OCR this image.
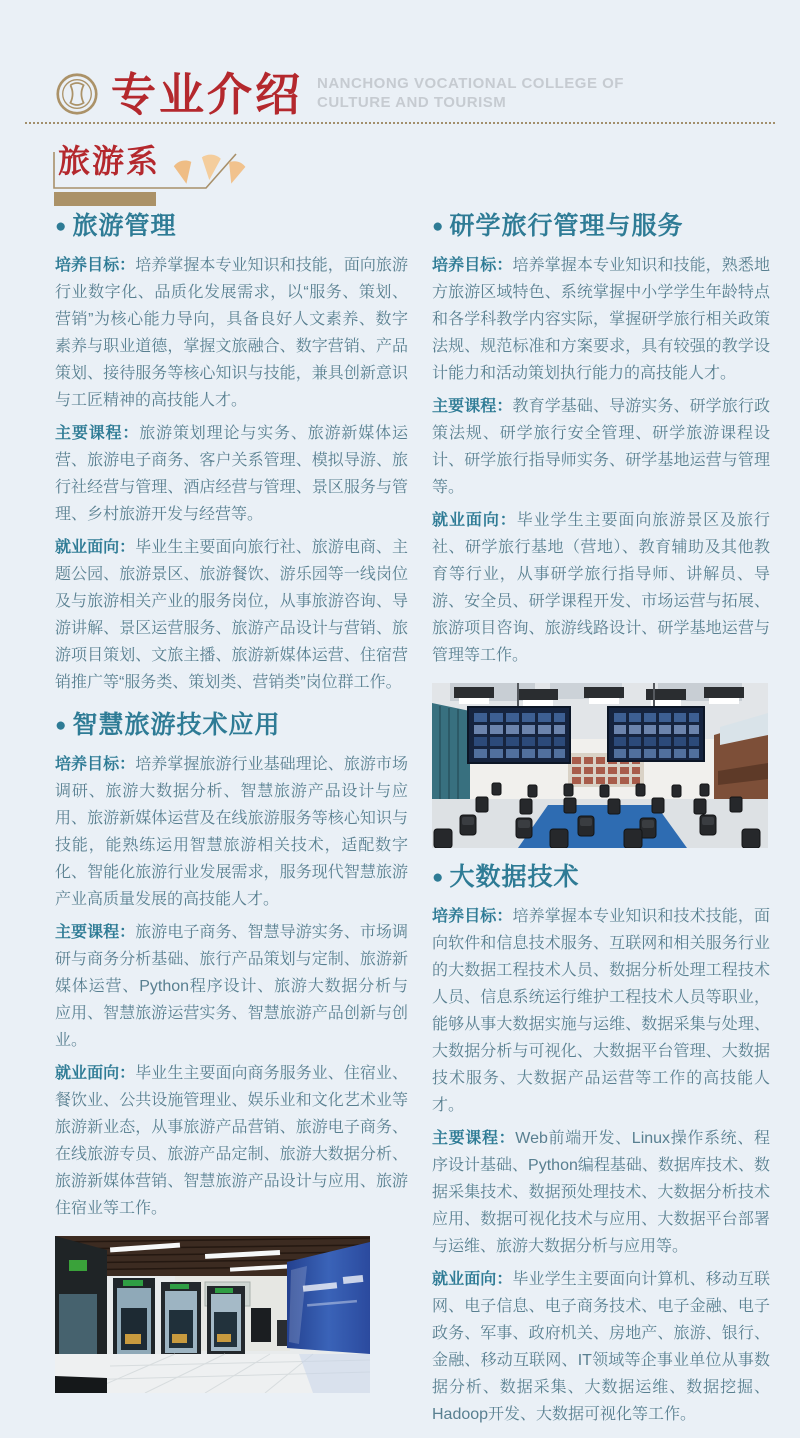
专业介绍 NANCHONG VOCATIONAL COLLEGE OF
CULTURE AND TOURISM
旅游系
● 旅游管理

培养目标：培养掌握本专业知识和技能，面向旅游行业数字化、品质化发展需求，以“服务、策划、营销”为核心能力导向，具备良好人文素养、数字素养与职业道德，掌握文旅融合、数字营销、产品策划、接待服务等核心知识与技能，兼具创新意识与工匠精神的高技能人才。

主要课程：旅游策划理论与实务、旅游新媒体运营、旅游电子商务、客户关系管理、模拟导游、旅行社经营与管理、酒店经营与管理、景区服务与管理、乡村旅游开发与经营等。

就业面向：毕业生主要面向旅行社、旅游电商、主题公园、旅游景区、旅游餐饮、游乐园等一线岗位及与旅游相关产业的服务岗位，从事旅游咨询、导游讲解、景区运营服务、旅游产品设计与营销、旅游项目策划、文旅主播、旅游新媒体运营、住宿营销推广等“服务类、策划类、营销类”岗位群工作。

● 智慧旅游技术应用

培养目标：培养掌握旅游行业基础理论、旅游市场调研、旅游大数据分析、智慧旅游产品设计与应用、旅游新媒体运营及在线旅游服务等核心知识与技能，能熟练运用智慧旅游相关技术，适配数字化、智能化旅游行业发展需求，服务现代智慧旅游产业高质量发展的高技能人才。

主要课程：旅游电子商务、智慧导游实务、市场调研与商务分析基础、旅行产品策划与定制、旅游新媒体运营、Python程序设计、旅游大数据分析与应用、智慧旅游运营实务、智慧旅游产品创新与创业。

就业面向：毕业生主要面向商务服务业、住宿业、餐饮业、公共设施管理业、娱乐业和文化艺术业等旅游新业态，从事旅游产品营销、旅游电子商务、在线旅游专员、旅游产品定制、旅游大数据分析、旅游新媒体营销、智慧旅游产品设计与应用、旅游住宿业等工作。

● 研学旅行管理与服务

培养目标：培养掌握本专业知识和技能，熟悉地方旅游区域特色、系统掌握中小学学生年龄特点和各学科教学内容实际，掌握研学旅行相关政策法规、规范标准和方案要求，具有较强的教学设计能力和活动策划执行能力的高技能人才。

主要课程：教育学基础、导游实务、研学旅行政策法规、研学旅行安全管理、研学旅游课程设计、研学旅行指导师实务、研学基地运营与管理等。

就业面向：毕业学生主要面向旅游景区及旅行社、研学旅行基地（营地）、教育辅助及其他教育等行业，从事研学旅行指导师、讲解员、导游、安全员、研学课程开发、市场运营与拓展、旅游项目咨询、旅游线路设计、研学基地运营与管理等工作。

● 大数据技术

培养目标：培养掌握本专业知识和技术技能，面向软件和信息技术服务、互联网和相关服务行业的大数据工程技术人员、数据分析处理工程技术人员、信息系统运行维护工程技术人员等职业，能够从事大数据实施与运维、数据采集与处理、大数据分析与可视化、大数据平台管理、大数据技术服务、大数据产品运营等工作的高技能人才。

主要课程：Web前端开发、Linux操作系统、程序设计基础、Python编程基础、数据库技术、数据采集技术、数据预处理技术、大数据分析技术应用、数据可视化技术与应用、大数据平台部署与运维、旅游大数据分析与应用等。

就业面向：毕业学生主要面向计算机、移动互联网、电子信息、电子商务技术、电子金融、电子政务、军事、政府机关、房地产、旅游、银行、金融、移动互联网、IT领域等企事业单位从事数据分析、数据采集、大数据运维、数据挖掘、Hadoop开发、大数据可视化等工作。
